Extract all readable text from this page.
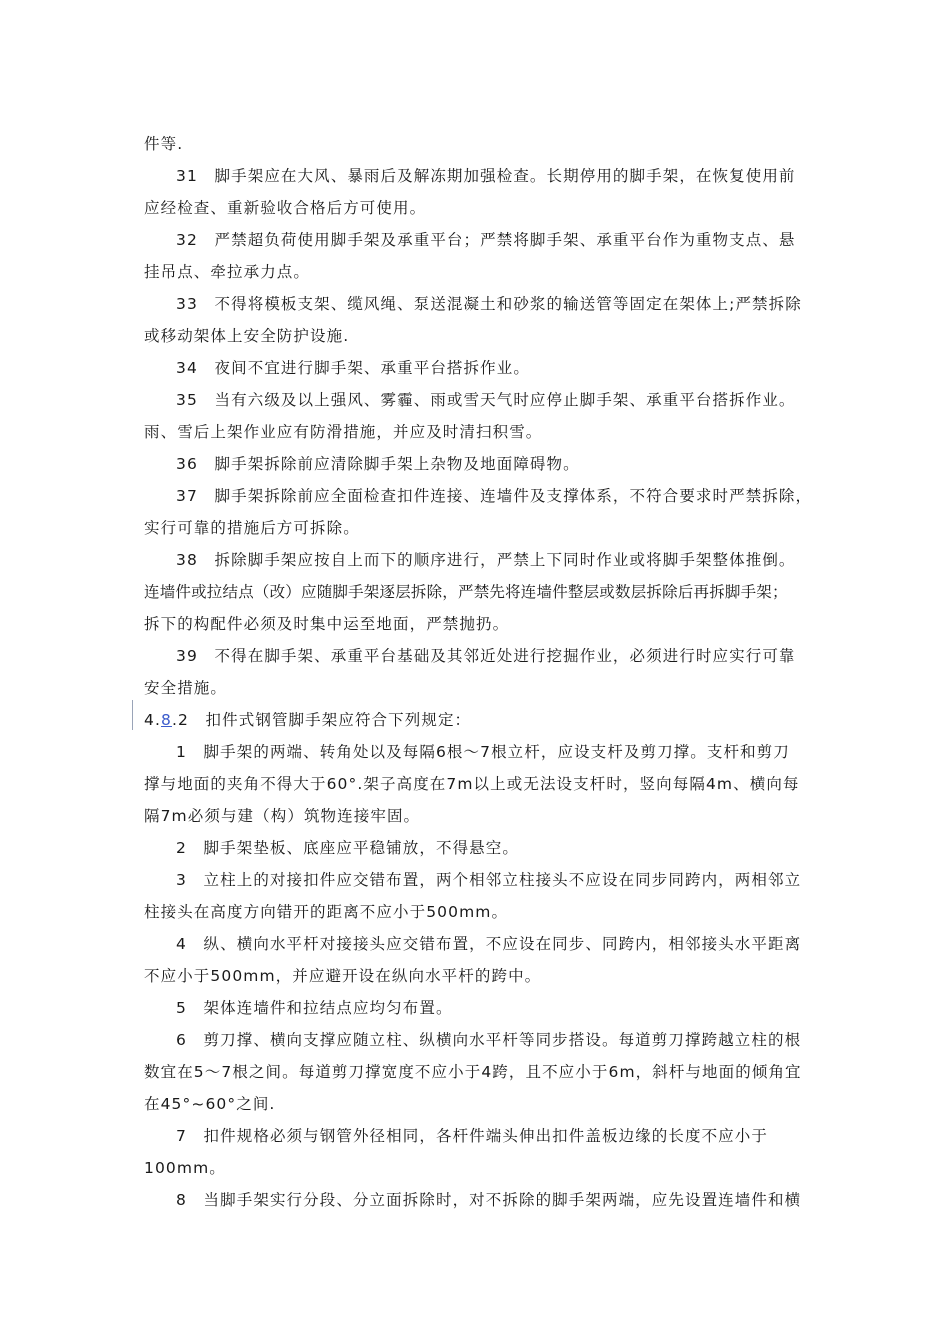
件等.
31　脚手架应在大风、暴雨后及解冻期加强检查。长期停用的脚手架，在恢复使用前
应经检查、重新验收合格后方可使用。
32　严禁超负荷使用脚手架及承重平台；严禁将脚手架、承重平台作为重物支点、悬
挂吊点、牵拉承力点。
33　不得将模板支架、缆风绳、泵送混凝土和砂浆的输送管等固定在架体上;严禁拆除
或移动架体上安全防护设施.
34　夜间不宜进行脚手架、承重平台搭拆作业。
35　当有六级及以上强风、雾霾、雨或雪天气时应停止脚手架、承重平台搭拆作业。
雨、雪后上架作业应有防滑措施，并应及时清扫积雪。
36　脚手架拆除前应清除脚手架上杂物及地面障碍物。
37　脚手架拆除前应全面检查扣件连接、连墙件及支撑体系，不符合要求时严禁拆除，
实行可靠的措施后方可拆除。
38　拆除脚手架应按自上而下的顺序进行，严禁上下同时作业或将脚手架整体推倒。
连墙件或拉结点（改）应随脚手架逐层拆除，严禁先将连墙件整层或数层拆除后再拆脚手架；
拆下的构配件必须及时集中运至地面，严禁抛扔。
39　不得在脚手架、承重平台基础及其邻近处进行挖掘作业，必须进行时应实行可靠
安全措施。
4.8.2　扣件式钢管脚手架应符合下列规定：
1　脚手架的两端、转角处以及每隔6根～7根立杆，应设支杆及剪刀撑。支杆和剪刀
撑与地面的夹角不得大于60°.架子高度在7m以上或无法设支杆时，竖向每隔4m、横向每
隔7m必须与建（构）筑物连接牢固。
2　脚手架垫板、底座应平稳铺放，不得悬空。
3　立柱上的对接扣件应交错布置，两个相邻立柱接头不应设在同步同跨内，两相邻立
柱接头在高度方向错开的距离不应小于500mm。
4　纵、横向水平杆对接接头应交错布置，不应设在同步、同跨内，相邻接头水平距离
不应小于500mm，并应避开设在纵向水平杆的跨中。
5　架体连墙件和拉结点应均匀布置。
6　剪刀撑、横向支撑应随立柱、纵横向水平杆等同步搭设。每道剪刀撑跨越立柱的根
数宜在5～7根之间。每道剪刀撑宽度不应小于4跨，且不应小于6m，斜杆与地面的倾角宜
在45°~60°之间.
7　扣件规格必须与钢管外径相同，各杆件端头伸出扣件盖板边缘的长度不应小于
100mm。
8　当脚手架实行分段、分立面拆除时，对不拆除的脚手架两端，应先设置连墙件和横
